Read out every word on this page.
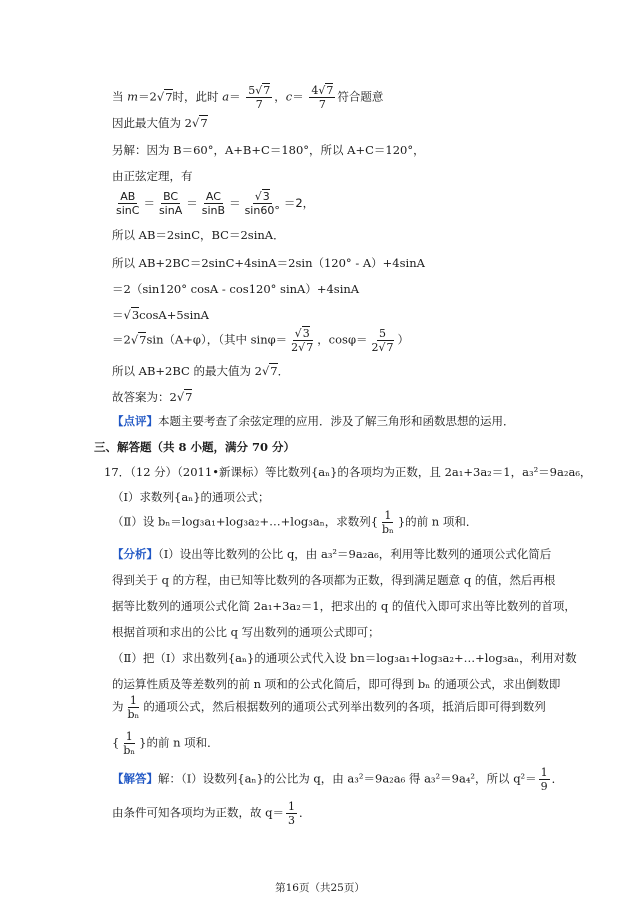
当 m＝2√7时，此时 $a= \frac{5√7}{7}$ ，$c= \frac{4√7}{7}$ 符合题意
因此最大值为 2√7
另解：因为 B＝60°，A+B+C＝180°，所以 A+C＝120°，
由正弦定理，有
$\frac{AB}{\sin C} = \frac{BC}{\sin A} = \frac{AC}{\sin B} = \frac{√3}{\sin 60^\circ} =2$，
所以 AB＝2sinC，BC＝2sinA．
所以 AB+2BC＝2sinC+4sinA＝2sin（120° - A）+4sinA
＝2（sin120° cosA - cos120° sinA）+4sinA
＝√3cosA+5sinA
＝2√7sin（A+φ），（其中 $\sin\varphi= \frac{√3}{2√7}$ ，$\cos\varphi= \frac{5}{2√7}$ ）
所以 AB+2BC 的最大值为 2√7．
故答案为：2√7
【点评】本题主要考查了余弦定理的应用．涉及了解三角形和函数思想的运用．
三、解答题（共 8 小题，满分 70 分）
17．（12 分）（2011•新课标）等比数列{aₙ}的各项均为正数，且 2a₁+3a₂＝1，a₃²＝9a₂a₆，
（Ⅰ）求数列{aₙ}的通项公式；
（Ⅱ）设 bₙ＝log₃a₁+log₃a₂+…+log₃aₙ，求数列{ $\frac{1}{\text{bₙ}}$ }的前 n 项和．
【分析】（Ⅰ）设出等比数列的公比 q，由 a₃²＝9a₂a₆，利用等比数列的通项公式化简后
得到关于 q 的方程，由已知等比数列的各项都为正数，得到满足题意 q 的值，然后再根
据等比数列的通项公式化简 2a₁+3a₂＝1，把求出的 q 的值代入即可求出等比数列的首项，
根据首项和求出的公比 q 写出数列的通项公式即可；
（Ⅱ）把（Ⅰ）求出数列{aₙ}的通项公式代入设 bn＝log₃a₁+log₃a₂+…+log₃aₙ，利用对数
的运算性质及等差数列的前 n 项和的公式化简后，即可得到 bₙ 的通项公式，求出倒数即
为 $\frac{1}{\text{bₙ}}$ 的通项公式，然后根据数列的通项公式列举出数列的各项，抵消后即可得到数列
{ $\frac{1}{\text{bₙ}}$ }的前 n 项和．
【解答】解：（Ⅰ）设数列{aₙ}的公比为 q，由 a₃²＝9a₂a₆ 得 a₃²＝9a₄²，所以 $q^2= \frac{1}{9}$ ．
由条件可知各项均为正数，故 $q= \frac{1}{3}$ ．
第16页（共25页）
